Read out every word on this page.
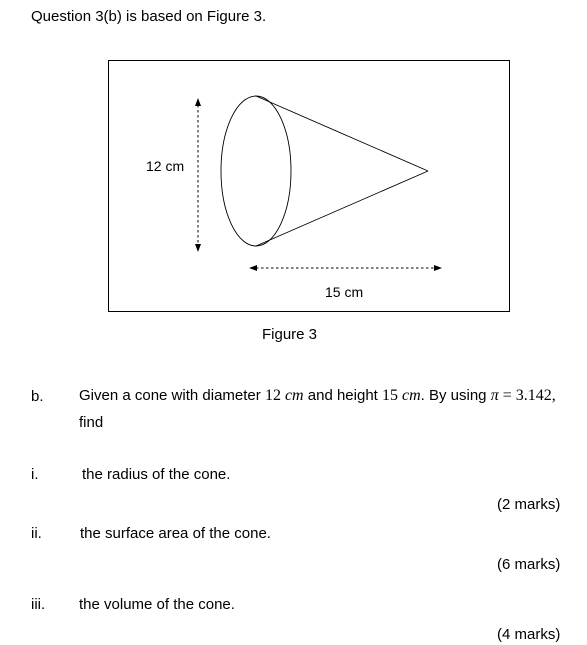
Question 3(b) is based on Figure 3.
12 cm
15 cm
Figure 3
b. Given a cone with diameter 12 cm and height 15 cm. By using π = 3.142,
find
i.	the radius of the cone.
(2 marks)
ii.	the surface area of the cone.
(6 marks)
iii. the volume of the cone.
(4 marks)
